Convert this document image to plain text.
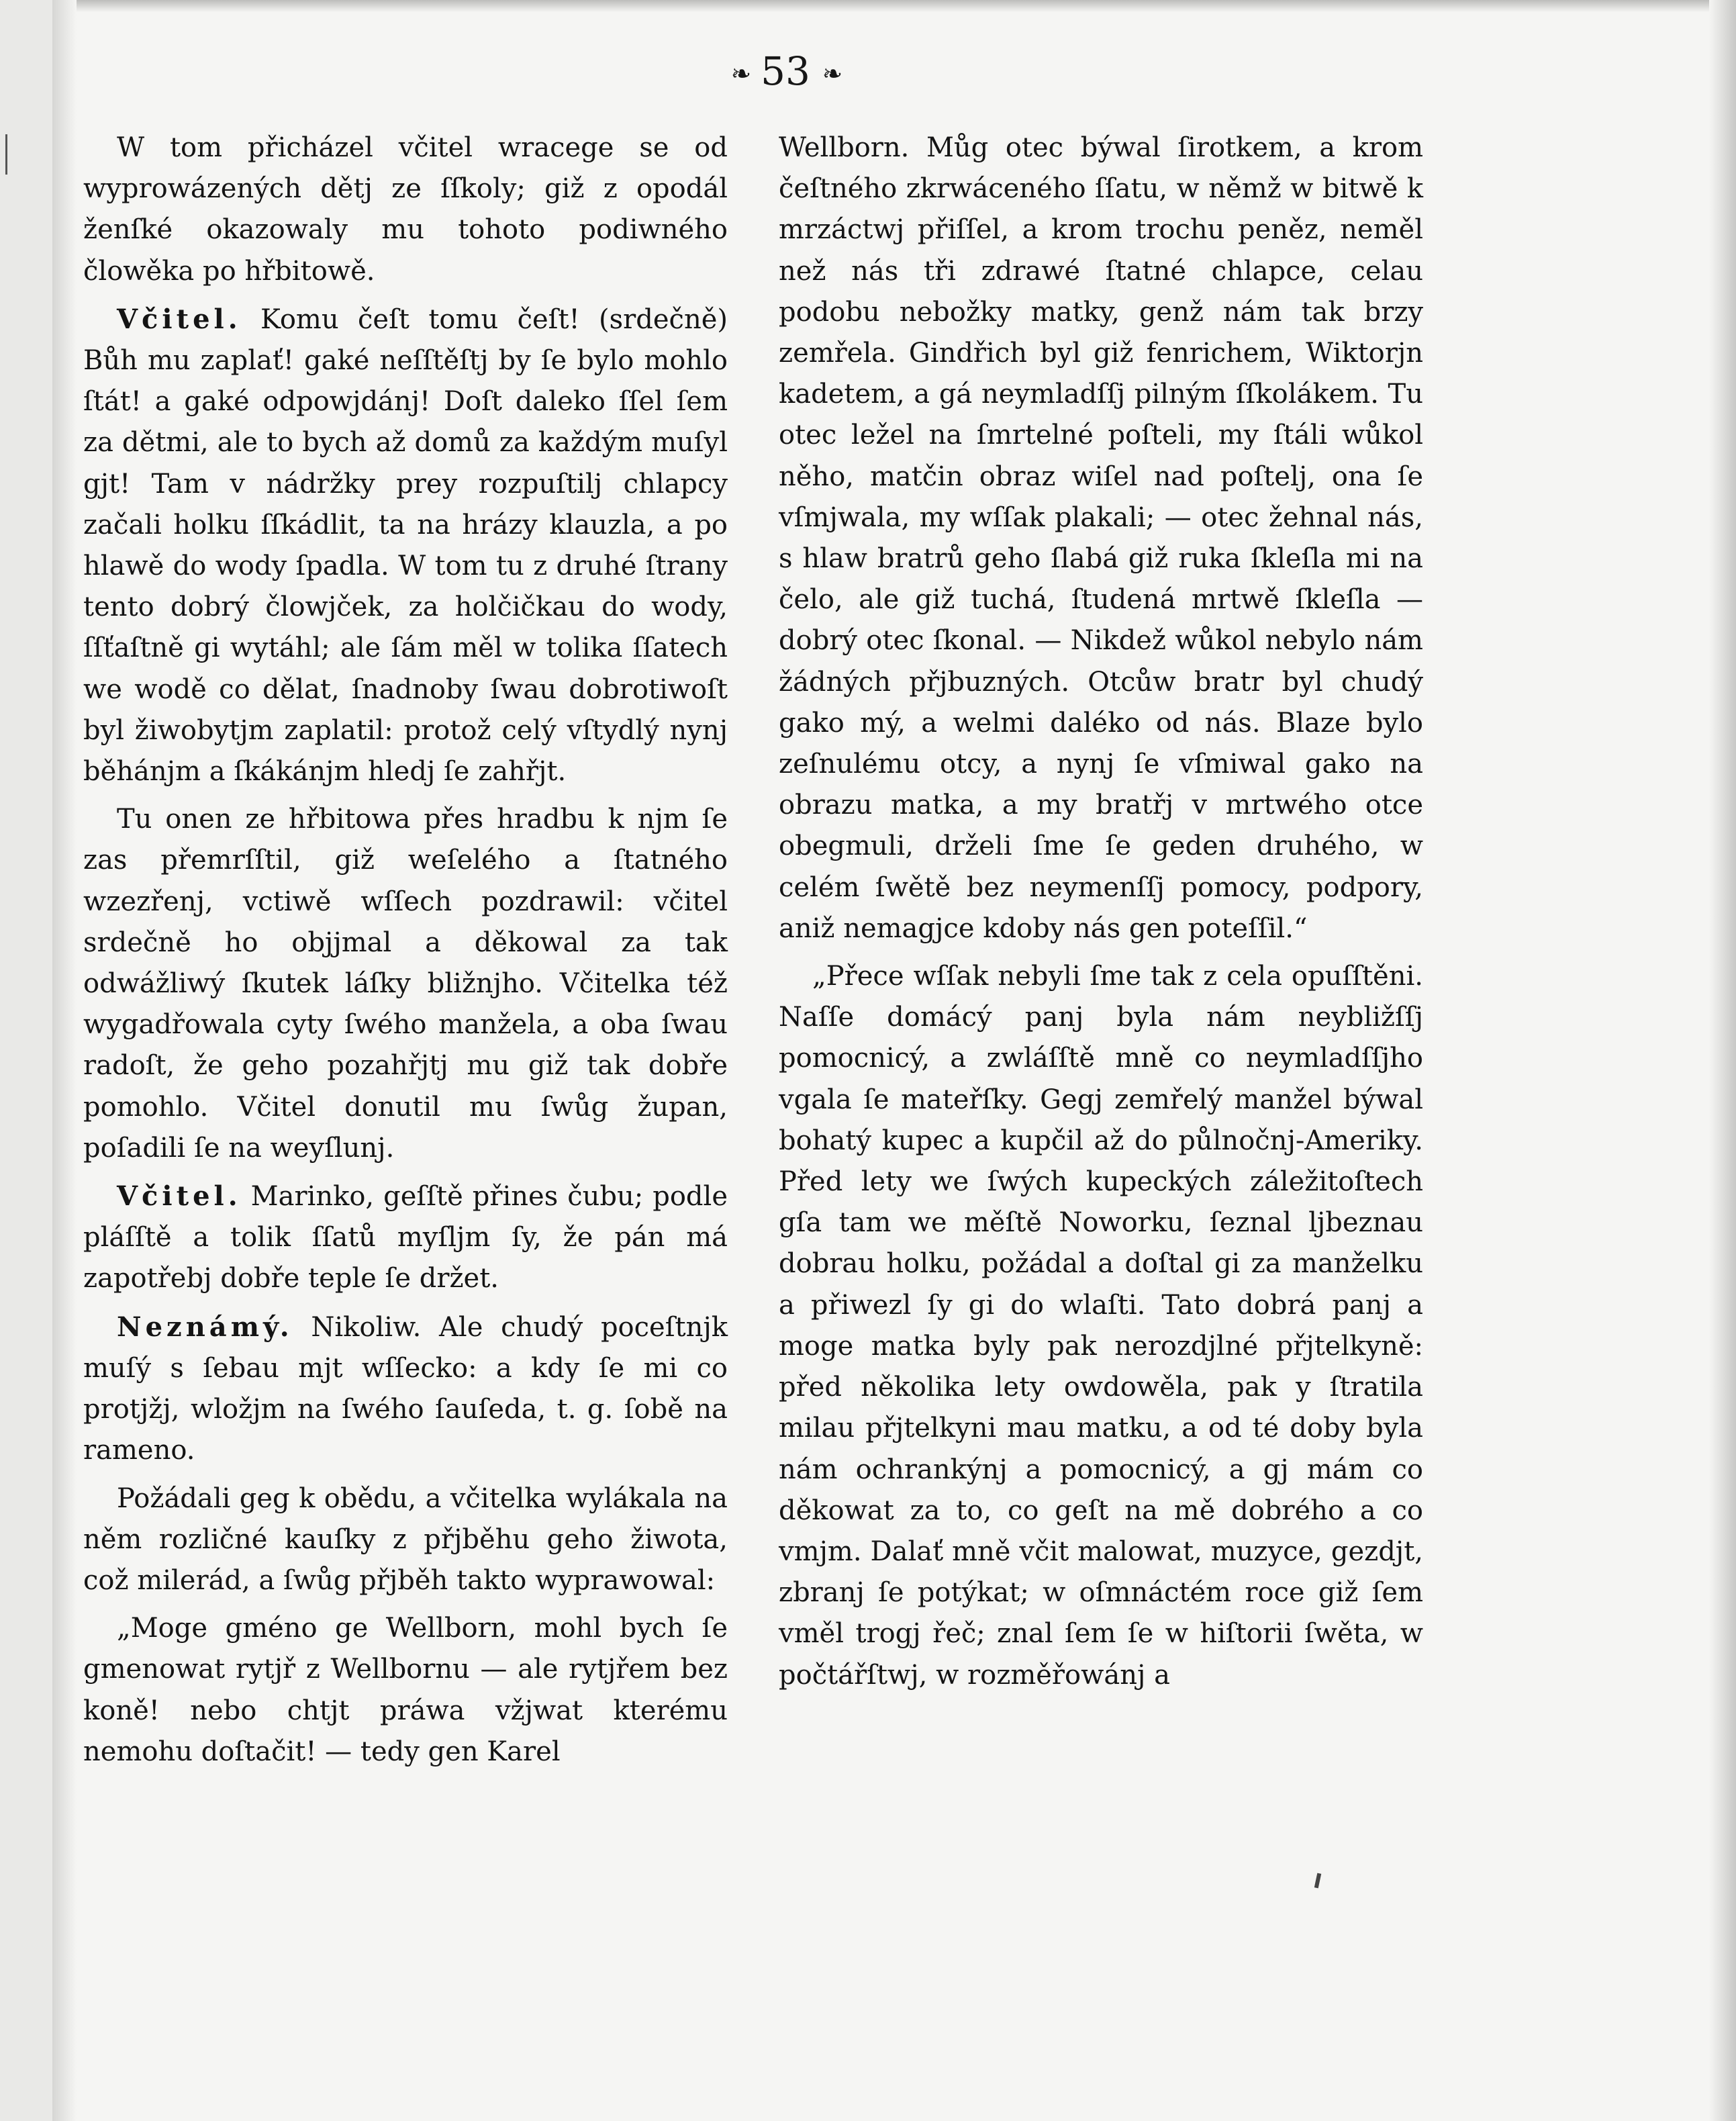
❧ 53 ❧

W tom přicházel včitel wracege se od wyprowázených dětj ze ſſkoly; giž z opodál ženſké okazowaly mu tohoto podiwného člowěka po hřbitowě.

Včitel. Komu čeſt tomu čeſt! (srdečně) Bůh mu zaplať! gaké neſſtěſtj by ſe bylo mohlo ſtát! a gaké odpowjdánj! Doſt daleko ſſel ſem za dětmi, ale to bych až domů za každým muſyl gjt! Tam v nádržky prey rozpuſtilj chlapcy začali holku ſſkádlit, ta na hrázy klauzla, a po hlawě do wody ſpadla. W tom tu z druhé ſtrany tento dobrý člowjček, za holčičkau do wody, ſſťaſtně gi wytáhl; ale ſám měl w tolika ſſatech we wodě co dělat, ſnadnoby ſwau dobrotiwoſt byl žiwobytjm zaplatil: protož celý vſtydlý nynj běhánjm a ſkákánjm hledj ſe zahřjt.

Tu onen ze hřbitowa přes hradbu k njm ſe zas přemrſſtil, giž weſelého a ſtatného wzezřenj, vctiwě wſſech pozdrawil: včitel srdečně ho objjmal a děkowal za tak odwážliwý ſkutek láſky bližnjho. Včitelka též wygadřowala cyty ſwého manžela, a oba ſwau radoſt, že geho pozahřjtj mu giž tak dobře pomohlo. Včitel donutil mu ſwůg župan, poſadili ſe na weyſlunj.

Včitel. Marinko, geſſtě přines čubu; podle pláſſtě a tolik ſſatů myſljm ſy, že pán má zapotřebj dobře teple ſe držet.

Neznámý. Nikoliw. Ale chudý poceſtnjk muſý s ſebau mjt wſſecko: a kdy ſe mi co protjžj, wložjm na ſwého ſauſeda, t. g. ſobě na rameno.

Požádali geg k obědu, a včitelka wylákala na něm rozličné kauſky z přjběhu geho žiwota, což milerád, a ſwůg přjběh takto wyprawowal:

„Moge gméno ge Wellborn, mohl bych ſe gmenowat rytjř z Wellbornu — ale rytjřem bez koně! nebo chtjt práwa vžjwat kterému nemohu doſtačit! — tedy gen Karel

Wellborn. Můg otec býwal ſirotkem, a krom čeſtného zkrwáceného ſſatu, w němž w bitwě k mrzáctwj přiſſel, a krom trochu peněz, neměl než nás tři zdrawé ſtatné chlapce, celau podobu nebožky matky, genž nám tak brzy zemřela. Gindřich byl giž fenrichem, Wiktorjn kadetem, a gá neymladſſj pilným ſſkolákem. Tu otec ležel na ſmrtelné poſteli, my ſtáli wůkol něho, matčin obraz wiſel nad poſtelj, ona ſe vſmjwala, my wſſak plakali; — otec žehnal nás, s hlaw bratrů geho ſlabá giž ruka ſkleſla mi na čelo, ale giž tuchá, ſtudená mrtwě ſkleſla — dobrý otec ſkonal. — Nikdež wůkol nebylo nám žádných přjbuzných. Otcůw bratr byl chudý gako mý, a welmi daléko od nás. Blaze bylo zeſnulému otcy, a nynj ſe vſmiwal gako na obrazu matka, a my bratřj v mrtwého otce obegmuli, drželi ſme ſe geden druhého, w celém ſwětě bez neymenſſj pomocy, podpory, aniž nemagjce kdoby nás gen poteſſil.“

„Přece wſſak nebyli ſme tak z cela opuſſtěni. Naſſe domácý panj byla nám neybližſſj pomocnicý, a zwláſſtě mně co neymladſſjho vgala ſe mateřſky. Gegj zemřelý manžel býwal bohatý kupec a kupčil až do půlnočnj-Ameriky. Před lety we ſwých kupeckých záležitoſtech gſa tam we měſtě Noworku, ſeznal ljbeznau dobrau holku, požádal a doſtal gi za manželku a přiwezl ſy gi do wlaſti. Tato dobrá panj a moge matka byly pak nerozdjlné přjtelkyně: před několika lety owdowěla, pak y ſtratila milau přjtelkyni mau matku, a od té doby byla nám ochrankýnj a pomocnicý, a gj mám co děkowat za to, co geſt na mě dobrého a co vmjm. Dalať mně včit malowat, muzyce, gezdjt, zbranj ſe potýkat; w oſmnáctém roce giž ſem vměl trogj řeč; znal ſem ſe w hiſtorii ſwěta, w počtářſtwj, w rozměřowánj a
